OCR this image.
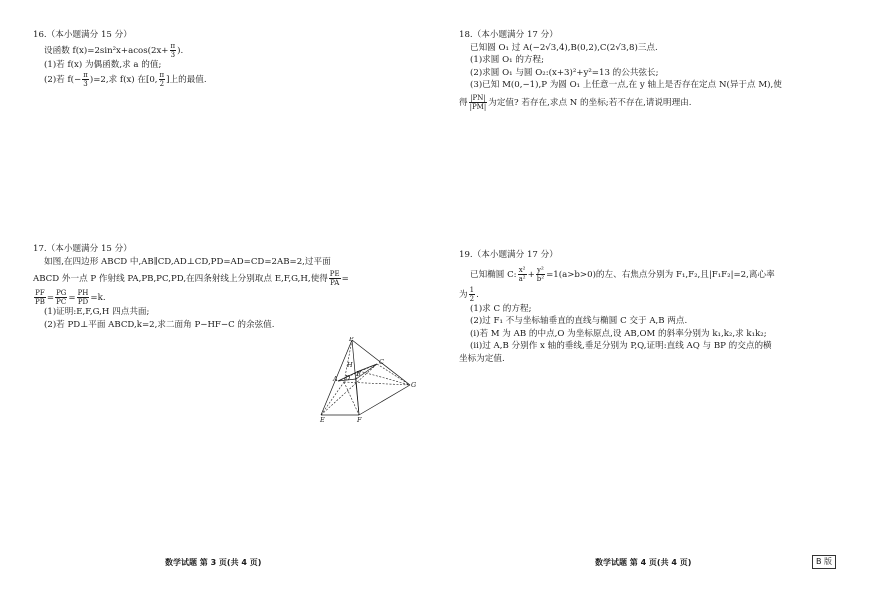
16.（本小题满分 15 分）
设函数 $f(x)=2\sin^2x+acos(2x+ \frac{\pi}{3}$ ).
(1)若 f(x) 为偶函数,求 a 的值;
(2)若 $f(- \frac{\pi}{3} )=2$,求 f(x) 在[0, $\frac{\pi}{2}$ ]上的最值.
17.（本小题满分 15 分）
如图,在四边形 ABCD 中,AB∥CD,AD⊥CD,PD=AD=CD=2AB=2,过平面
ABCD 外一点 P 作射线 PA,PB,PC,PD,在四条射线上分别取点 E,F,G,H,使得 $\frac{PE}{PA}$ =
$\frac{PF}{PB} = \frac{PG}{PC} = \frac{PH}{PD} =k$.
(1)证明:E,F,G,H 四点共面;
(2)若 PD⊥平面 ABCD,k=2,求二面角 P−HF−C 的余弦值.
P
H	C
D B
A
G
E	F
数学试题 第 3 页(共 4 页)
18.（本小题满分 17 分）
已知圆 O₁ 过 A(−2√3,4),B(0,2),C(2√3,8)三点.
(1)求圆 O₁ 的方程;
(2)求圆 O₁ 与圆 O₂:(x+3)²+y²=13 的公共弦长;
(3)已知 M(0,−1),P 为圆 O₁ 上任意一点,在 y 轴上是否存在定点 N(异于点 M),使
得 $\frac{|PN|}{|PM|}$ 为定值? 若存在,求点 N 的坐标;若不存在,请说明理由.
19.（本小题满分 17 分）
已知椭圆 C: $\frac{\text{x²}}{\text{a²}} + \frac{\text{y²}}{\text{b²}} =1(a>b>0)$的左、右焦点分别为 F₁,F₂,且|F₁F₂|=2,离心率
为 $\frac{1}{2}$ .
(1)求 C 的方程;
(2)过 F₁ 不与坐标轴垂直的直线与椭圆 C 交于 A,B 两点.
(ⅰ)若 M 为 AB 的中点,O 为坐标原点,设 AB,OM 的斜率分别为 k₁,k₂,求 k₁k₂;
(ⅱ)过 A,B 分别作 x 轴的垂线,垂足分别为 P,Q,证明:直线 AQ 与 BP 的交点的横
坐标为定值.
数学试题 第 4 页(共 4 页)	B 版
